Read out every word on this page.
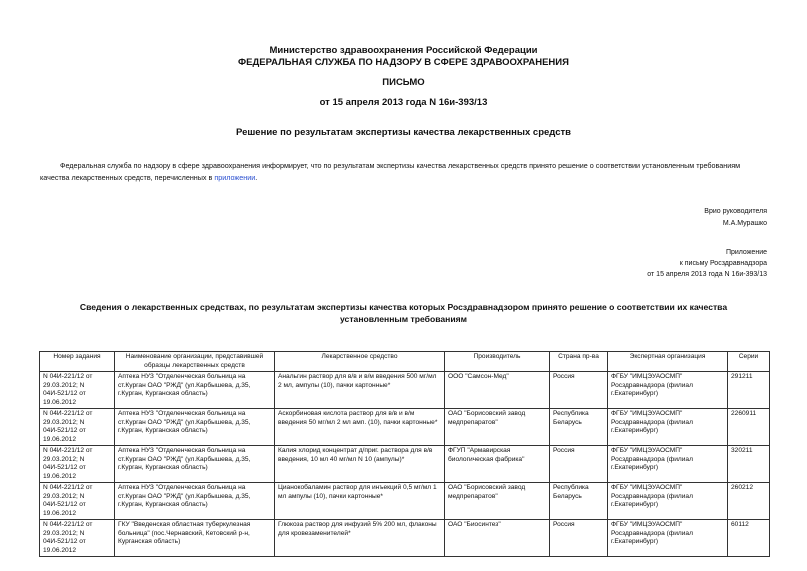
Министерство здравоохранения Российской Федерации
ФЕДЕРАЛЬНАЯ СЛУЖБА ПО НАДЗОРУ В СФЕРЕ ЗДРАВООХРАНЕНИЯ
ПИСЬМО
от 15 апреля 2013 года N 16и-393/13
Решение по результатам экспертизы качества лекарственных средств
Федеральная служба по надзору в сфере здравоохранения информирует, что по результатам экспертизы качества лекарственных средств принято решение о соответствии установленным требованиям качества лекарственных средств, перечисленных в приложении.
Врио руководителя
М.А.Мурашко
Приложение
к письму Росздравнадзора
от 15 апреля 2013 года N 16и-393/13
Сведения о лекарственных средствах, по результатам экспертизы качества которых Росздравнадзором принято решение о соответствии их качества
установленным требованиям
Номер задания	Наименование организации, представившей образцы лекарственных средств	Лекарственное средство	Производитель	Страна пр-ва	Экспертная организация	Серии
N 04И-221/12 от 29.03.2012; N 04И-521/12 от 19.06.2012	Аптека НУЗ "Отделенческая больница на ст.Курган ОАО "РЖД" (ул.Карбышева, д.35, г.Курган, Курганская область)	Анальгин раствор для в/в и в/м введения 500 мг/мл 2 мл, ампулы (10), пачки картонные*	ООО "Самсон-Мед"	Россия	ФГБУ "ИМЦЭУАОСМП" Росздравнадзора (филиал г.Екатеринбург)	291211
N 04И-221/12 от 29.03.2012; N 04И-521/12 от 19.06.2012	Аптека НУЗ "Отделенческая больница на ст.Курган ОАО "РЖД" (ул.Карбышева, д.35, г.Курган, Курганская область)	Аскорбиновая кислота раствор для в/в и в/м введения 50 мг/мл 2 мл амп. (10), пачки картонные*	ОАО "Борисовский завод медпрепаратов"	Республика Беларусь	ФГБУ "ИМЦЭУАОСМП" Росздравнадзора (филиал г.Екатеринбург)	2260911
N 04И-221/12 от 29.03.2012; N 04И-521/12 от 19.06.2012	Аптека НУЗ "Отделенческая больница на ст.Курган ОАО "РЖД" (ул.Карбышева, д.35, г.Курган, Курганская область)	Калия хлорид концентрат д/приг. раствора для в/в введения, 10 мл 40 мг/мл N 10 (ампулы)*	ФГУП "Армавирская биологическая фабрика"	Россия	ФГБУ "ИМЦЭУАОСМП" Росздравнадзора (филиал г.Екатеринбург)	320211
N 04И-221/12 от 29.03.2012; N 04И-521/12 от 19.06.2012	Аптека НУЗ "Отделенческая больница на ст.Курган ОАО "РЖД" (ул.Карбышева, д.35, г.Курган, Курганская область)	Цианокобаламин раствор для инъекций 0,5 мг/мл 1 мл ампулы (10), пачки картонные*	ОАО "Борисовский завод медпрепаратов"	Республика Беларусь	ФГБУ "ИМЦЭУАОСМП" Росздравнадзора (филиал г.Екатеринбург)	260212
N 04И-221/12 от 29.03.2012; N 04И-521/12 от 19.06.2012	ГКУ "Введенская областная туберкулезная больница" (пос.Чернавский, Кетовский р-н, Курганская область)	Глюкоза раствор для инфузий 5% 200 мл, флаконы для кровезаменителей*	ОАО "Биосинтез"	Россия	ФГБУ "ИМЦЭУАОСМП" Росздравнадзора (филиал г.Екатеринбург)	60112
